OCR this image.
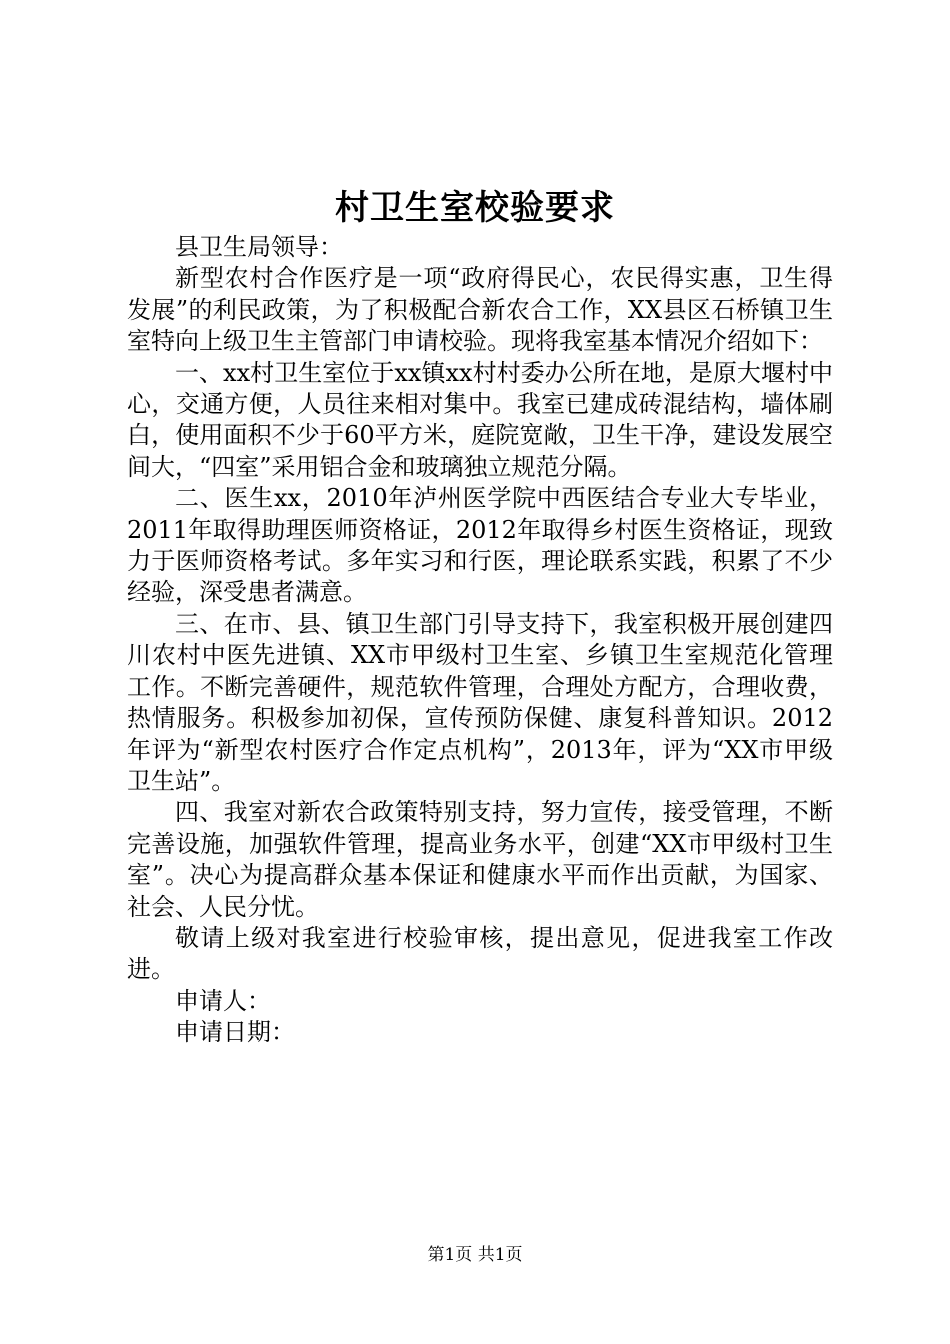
村卫生室校验要求

县卫生局领导：

新型农村合作医疗是一项“政府得民心，农民得实惠，卫生得发展”的利民政策，为了积极配合新农合工作，XX县区石桥镇卫生室特向上级卫生主管部门申请校验。现将我室基本情况介绍如下：

一、xx村卫生室位于xx镇xx村村委办公所在地，是原大堰村中心，交通方便，人员往来相对集中。我室已建成砖混结构，墙体刷白，使用面积不少于60平方米，庭院宽敞，卫生干净，建设发展空间大，“四室”采用铝合金和玻璃独立规范分隔。

二、医生xx，2010年泸州医学院中西医结合专业大专毕业，2011年取得助理医师资格证，2012年取得乡村医生资格证，现致力于医师资格考试。多年实习和行医，理论联系实践，积累了不少经验，深受患者满意。

三、在市、县、镇卫生部门引导支持下，我室积极开展创建四川农村中医先进镇、XX市甲级村卫生室、乡镇卫生室规范化管理工作。不断完善硬件，规范软件管理，合理处方配方，合理收费，热情服务。积极参加初保，宣传预防保健、康复科普知识。2012年评为“新型农村医疗合作定点机构”，2013年，评为“XX市甲级卫生站”。

四、我室对新农合政策特别支持，努力宣传，接受管理，不断完善设施，加强软件管理，提高业务水平，创建“XX市甲级村卫生室”。决心为提高群众基本保证和健康水平而作出贡献，为国家、社会、人民分忧。

敬请上级对我室进行校验审核，提出意见，促进我室工作改进。

申请人：

申请日期：

第1页 共1页
